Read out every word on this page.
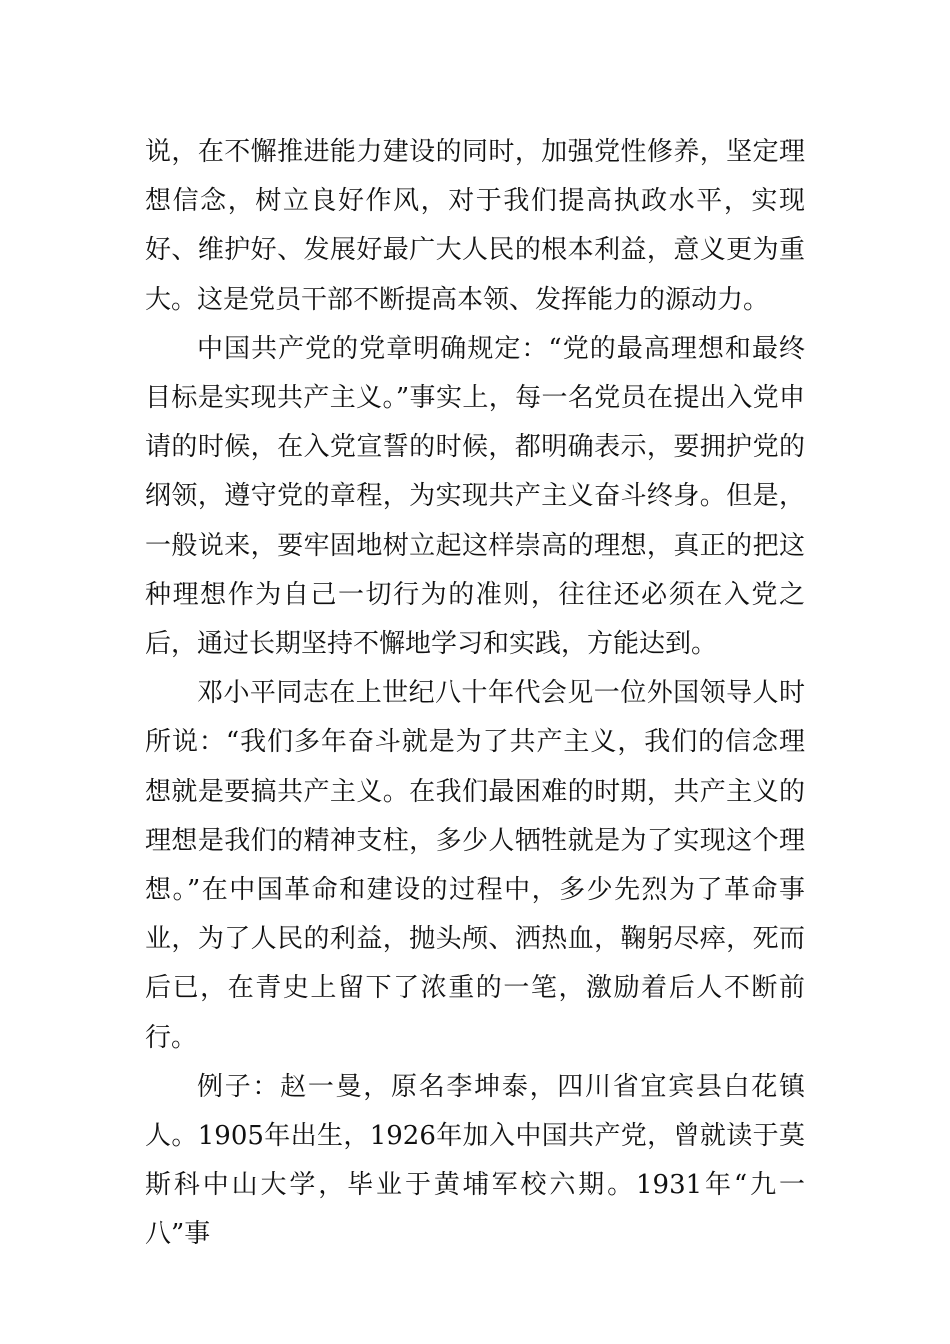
说，在不懈推进能力建设的同时，加强党性修养，坚定理想信念，树立良好作风，对于我们提高执政水平，实现好、维护好、发展好最广大人民的根本利益，意义更为重大。这是党员干部不断提高本领、发挥能力的源动力。

中国共产党的党章明确规定：“党的最高理想和最终目标是实现共产主义。”事实上，每一名党员在提出入党申请的时候，在入党宣誓的时候，都明确表示，要拥护党的纲领，遵守党的章程，为实现共产主义奋斗终身。但是，一般说来，要牢固地树立起这样崇高的理想，真正的把这种理想作为自己一切行为的准则，往往还必须在入党之后，通过长期坚持不懈地学习和实践，方能达到。

邓小平同志在上世纪八十年代会见一位外国领导人时所说：“我们多年奋斗就是为了共产主义，我们的信念理想就是要搞共产主义。在我们最困难的时期，共产主义的理想是我们的精神支柱，多少人牺牲就是为了实现这个理想。”在中国革命和建设的过程中，多少先烈为了革命事业，为了人民的利益，抛头颅、洒热血，鞠躬尽瘁，死而后已，在青史上留下了浓重的一笔，激励着后人不断前行。

例子：赵一曼，原名李坤泰，四川省宜宾县白花镇人。1905年出生，1926年加入中国共产党，曾就读于莫斯科中山大学，毕业于黄埔军校六期。1931年“九一八”事
